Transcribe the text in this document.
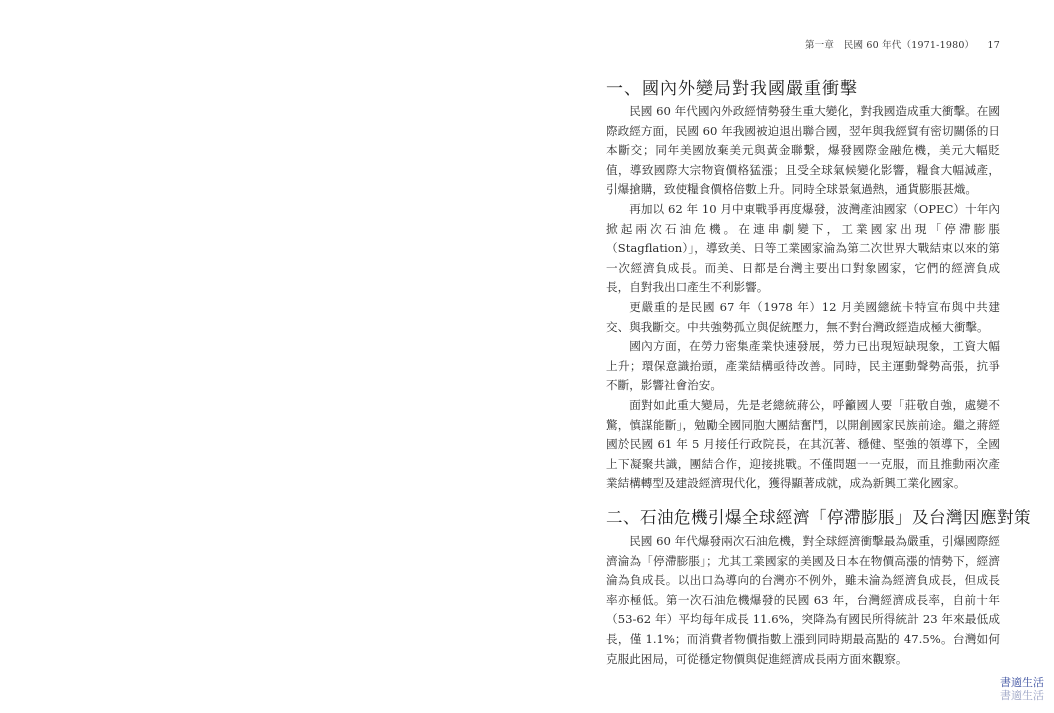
第一章　民國 60 年代（1971-1980） 17
一、國內外變局對我國嚴重衝擊

民國 60 年代國內外政經情勢發生重大變化，對我國造成重大衝擊。在國際政經方面，民國 60 年我國被迫退出聯合國，翌年與我經貿有密切關係的日本斷交；同年美國放棄美元與黃金聯繫，爆發國際金融危機，美元大幅貶值，導致國際大宗物資價格猛漲；且受全球氣候變化影響，糧食大幅減產，引爆搶購，致使糧食價格倍數上升。同時全球景氣過熱，通貨膨脹甚熾。

再加以 62 年 10 月中東戰爭再度爆發，波灣產油國家（OPEC）十年內掀起兩次石油危機。在連串劇變下，工業國家出現「停滯膨脹（Stagflation）」，導致美、日等工業國家淪為第二次世界大戰結束以來的第一次經濟負成長。而美、日都是台灣主要出口對象國家，它們的經濟負成長，自對我出口產生不利影響。

更嚴重的是民國 67 年（1978 年）12 月美國總統卡特宣布與中共建交、與我斷交。中共強勢孤立與促統壓力，無不對台灣政經造成極大衝擊。

國內方面，在勞力密集產業快速發展，勞力已出現短缺現象，工資大幅上升；環保意識抬頭，產業結構亟待改善。同時，民主運動聲勢高張，抗爭不斷，影響社會治安。

面對如此重大變局，先是老總統蔣公，呼籲國人要「莊敬自強，處變不驚，慎謀能斷」，勉勵全國同胞大團結奮鬥，以開創國家民族前途。繼之蔣經國於民國 61 年 5 月接任行政院長，在其沉著、穩健、堅強的領導下，全國上下凝聚共識，團結合作，迎接挑戰。不僅問題一一克服，而且推動兩次產業結構轉型及建設經濟現代化，獲得顯著成就，成為新興工業化國家。

二、石油危機引爆全球經濟「停滯膨脹」及台灣因應對策

民國 60 年代爆發兩次石油危機，對全球經濟衝擊最為嚴重，引爆國際經濟淪為「停滯膨脹」；尤其工業國家的美國及日本在物價高漲的情勢下，經濟淪為負成長。以出口為導向的台灣亦不例外，雖未淪為經濟負成長，但成長率亦極低。第一次石油危機爆發的民國 63 年，台灣經濟成長率，自前十年（53-62 年）平均每年成長 11.6%，突降為有國民所得統計 23 年來最低成長，僅 1.1%；而消費者物價指數上漲到同時期最高點的 47.5%。台灣如何克服此困局，可從穩定物價與促進經濟成長兩方面來觀察。

書適生活
書適生活
